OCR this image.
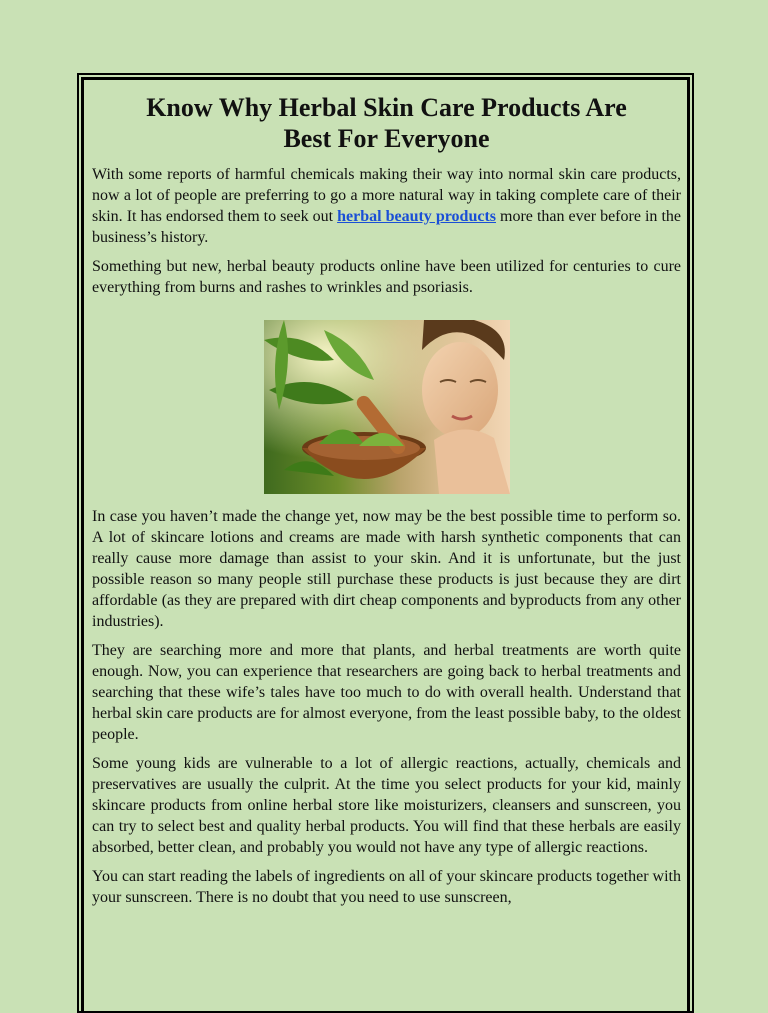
Know Why Herbal Skin Care Products Are Best For Everyone

With some reports of harmful chemicals making their way into normal skin care products, now a lot of people are preferring to go a more natural way in taking complete care of their skin. It has endorsed them to seek out herbal beauty products more than ever before in the business’s history.

Something but new, herbal beauty products online have been utilized for centuries to cure everything from burns and rashes to wrinkles and psoriasis.

In case you haven’t made the change yet, now may be the best possible time to perform so. A lot of skincare lotions and creams are made with harsh synthetic components that can really cause more damage than assist to your skin. And it is unfortunate, but the just possible reason so many people still purchase these products is just because they are dirt affordable (as they are prepared with dirt cheap components and byproducts from any other industries).

They are searching more and more that plants, and herbal treatments are worth quite enough. Now, you can experience that researchers are going back to herbal treatments and searching that these wife’s tales have too much to do with overall health. Understand that herbal skin care products are for almost everyone, from the least possible baby, to the oldest people.

Some young kids are vulnerable to a lot of allergic reactions, actually, chemicals and preservatives are usually the culprit. At the time you select products for your kid, mainly skincare products from online herbal store like moisturizers, cleansers and sunscreen, you can try to select best and quality herbal products. You will find that these herbals are easily absorbed, better clean, and probably you would not have any type of allergic reactions.

You can start reading the labels of ingredients on all of your skincare products together with your sunscreen. There is no doubt that you need to use sunscreen,
